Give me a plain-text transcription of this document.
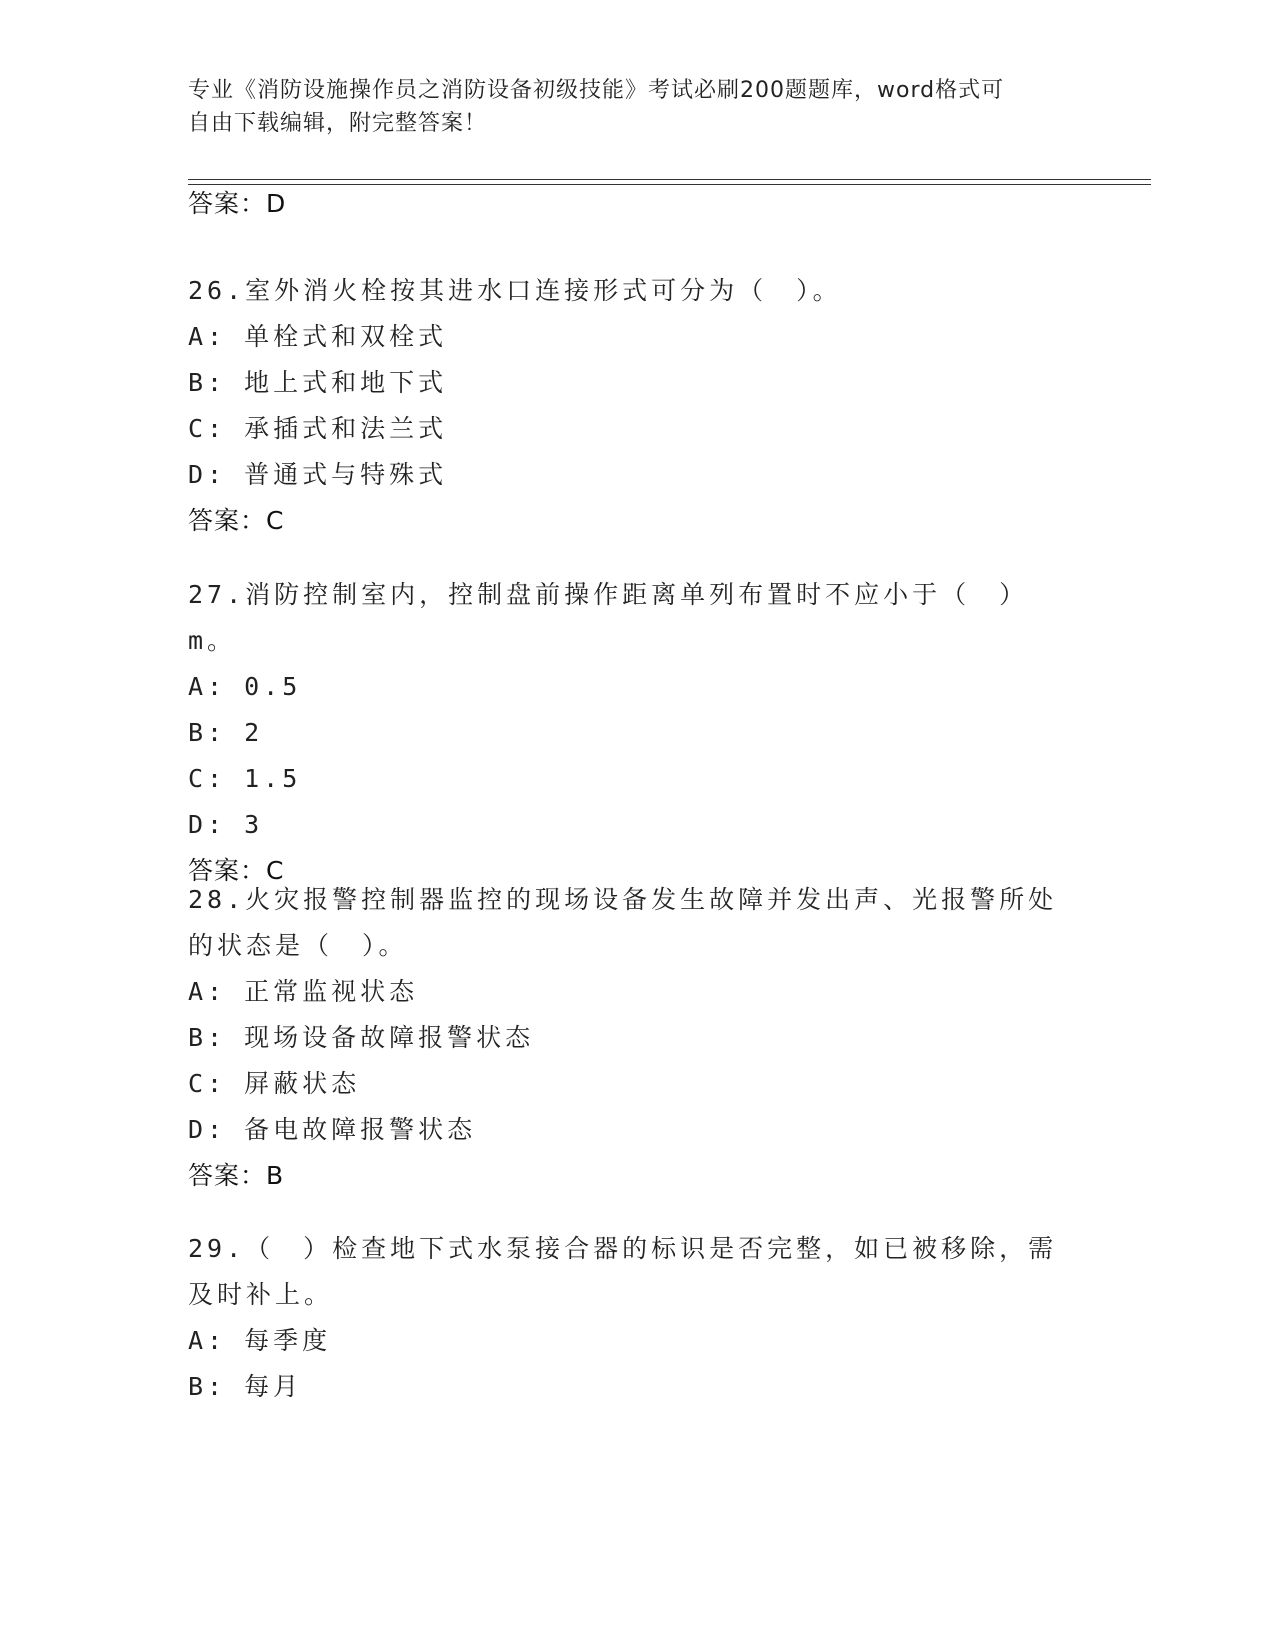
专业《消防设施操作员之消防设备初级技能》考试必刷200题题库，word格式可
自由下载编辑，附完整答案！
答案：D
26.室外消火栓按其进水口连接形式可分为（　）。
A: 单栓式和双栓式
B: 地上式和地下式
C: 承插式和法兰式
D: 普通式与特殊式
答案：C
27.消防控制室内，控制盘前操作距离单列布置时不应小于（　）m。
A: 0.5
B: 2
C: 1.5
D: 3
答案：C
28.火灾报警控制器监控的现场设备发生故障并发出声、光报警所处的状态是（　）。
A: 正常监视状态
B: 现场设备故障报警状态
C: 屏蔽状态
D: 备电故障报警状态
答案：B
29.（　）检查地下式水泵接合器的标识是否完整，如已被移除，需及时补上。
A: 每季度
B: 每月
